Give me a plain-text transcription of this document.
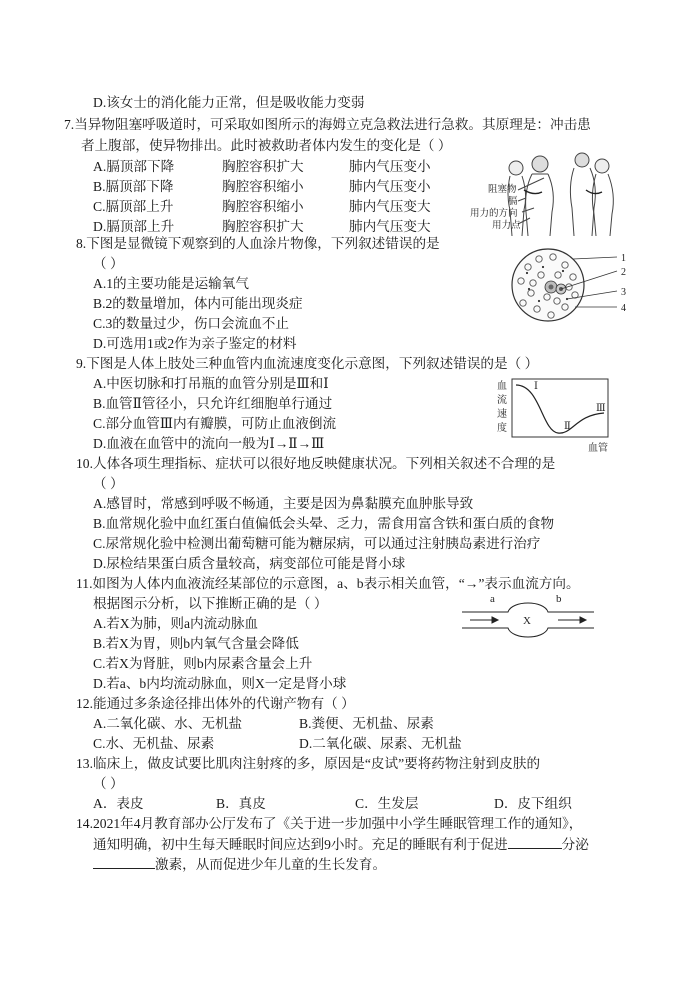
D.该女士的消化能力正常，但是吸收能力变弱
7.当异物阻塞呼吸道时，可采取如图所示的海姆立克急救法进行急救。其原理是：冲击患
者上腹部，使异物排出。此时被救助者体内发生的变化是（ ）
A.膈顶部下降	胸腔容积扩大	肺内气压变小
B.膈顶部下降	胸腔容积缩小	肺内气压变小
C.膈顶部上升	胸腔容积缩小	肺内气压变大
D.膈顶部上升	胸腔容积扩大	肺内气压变大
阻塞物
膈
用力的方向
用力点
8.下图是显微镜下观察到的人血涂片物像，下列叙述错误的是
（ ）
A.1的主要功能是运输氧气
B.2的数量增加，体内可能出现炎症
C.3的数量过少，伤口会流血不止
D.可选用1或2作为亲子鉴定的材料
1
2
3
4
9.下图是人体上肢处三种血管内血流速度变化示意图，下列叙述错误的是（ ）
A.中医切脉和打吊瓶的血管分别是Ⅲ和Ⅰ
B.血管Ⅱ管径小，只允许红细胞单行通过
C.部分血管Ⅲ内有瓣膜，可防止血液倒流
D.血液在血管中的流向一般为Ⅰ→Ⅱ→Ⅲ
血
流
速
度
Ⅰ
Ⅱ
Ⅲ
血管
10.人体各项生理指标、症状可以很好地反映健康状况。下列相关叙述不合理的是
（ ）
A.感冒时，常感到呼吸不畅通，主要是因为鼻黏膜充血肿胀导致
B.血常规化验中血红蛋白值偏低会头晕、乏力，需食用富含铁和蛋白质的食物
C.尿常规化验中检测出葡萄糖可能为糖尿病，可以通过注射胰岛素进行治疗
D.尿检结果蛋白质含量较高，病变部位可能是肾小球
11.如图为人体内血液流经某部位的示意图，a、b表示相关血管，“→”表示血流方向。
根据图示分析，以下推断正确的是（ ）
A.若X为肺，则a内流动脉血
B.若X为胃，则b内氧气含量会降低
C.若X为肾脏，则b内尿素含量会上升
D.若a、b内均流动脉血，则X一定是肾小球
a	b
X
12.能通过多条途径排出体外的代谢产物有（ ）
A.二氧化碳、水、无机盐	B.粪便、无机盐、尿素
C.水、无机盐、尿素	D.二氧化碳、尿素、无机盐
13.临床上，做皮试要比肌肉注射疼的多，原因是“皮试”要将药物注射到皮肤的
（ ）
A．表皮	B．真皮	C．生发层	D．皮下组织
14.2021年4月教育部办公厅发布了《关于进一步加强中小学生睡眠管理工作的通知》，
通知明确，初中生每天睡眠时间应达到9小时。充足的睡眠有利于促进	分泌
激素，从而促进少年儿童的生长发育。
